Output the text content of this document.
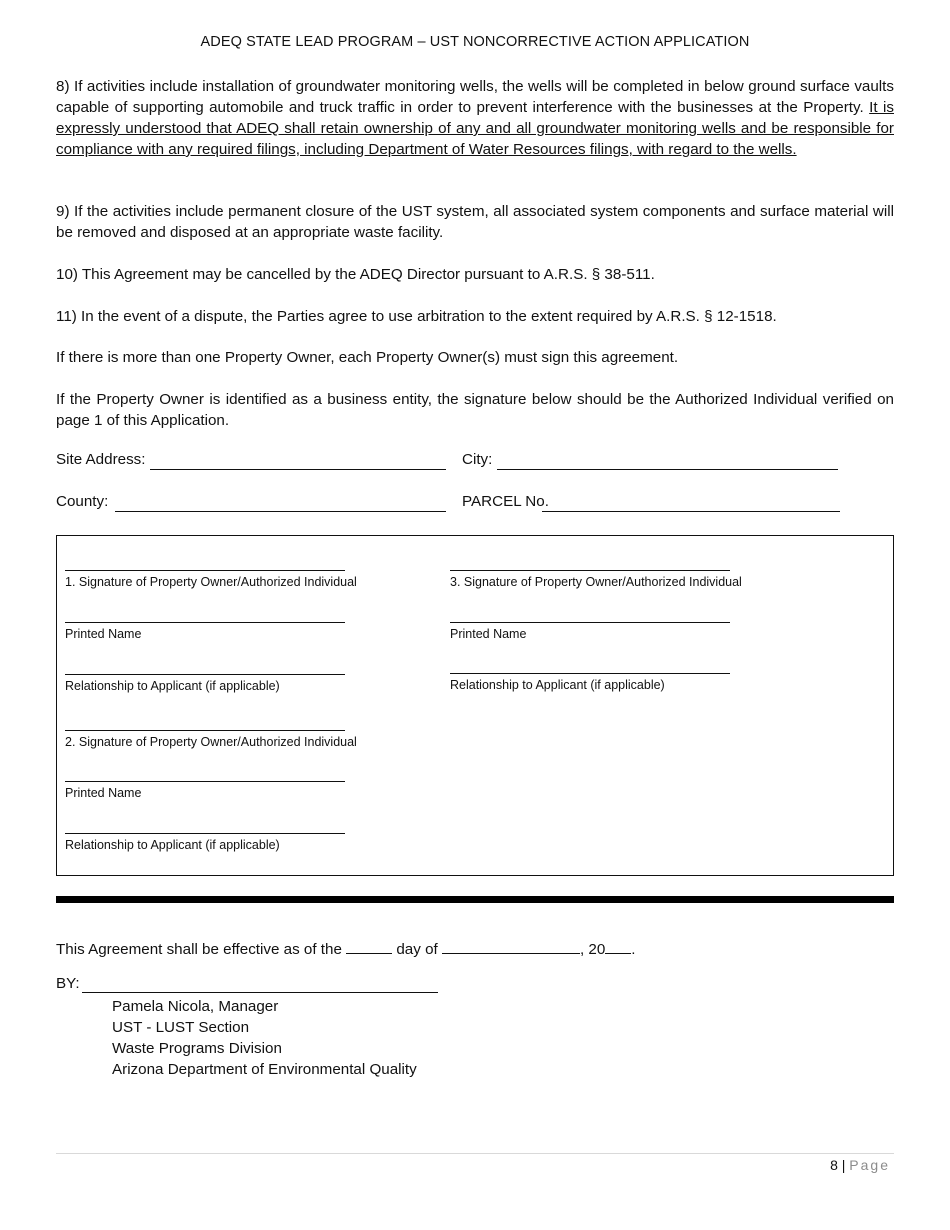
ADEQ STATE LEAD PROGRAM – UST NONCORRECTIVE ACTION APPLICATION

8) If activities include installation of groundwater monitoring wells, the wells will be completed in below ground surface vaults capable of supporting automobile and truck traffic in order to prevent interference with the businesses at the Property. It is expressly understood that ADEQ shall retain ownership of any and all groundwater monitoring wells and be responsible for compliance with any required filings, including Department of Water Resources filings, with regard to the wells.

9) If the activities include permanent closure of the UST system, all associated system components and surface material will be removed and disposed at an appropriate waste facility.

10) This Agreement may be cancelled by the ADEQ Director pursuant to A.R.S. § 38-511.

11) In the event of a dispute, the Parties agree to use arbitration to the extent required by A.R.S. § 12-1518.

If there is more than one Property Owner, each Property Owner(s) must sign this agreement.

If the Property Owner is identified as a business entity, the signature below should be the Authorized Individual verified on page 1 of this Application.

Site Address:	City:
County:	PARCEL No.
1. Signature of Property Owner/Authorized Individual
Printed Name
Relationship to Applicant (if applicable)
2. Signature of Property Owner/Authorized Individual
Printed Name
Relationship to Applicant (if applicable)
3. Signature of Property Owner/Authorized Individual
Printed Name
Relationship to Applicant (if applicable)
This Agreement shall be effective as of the	day of	, 20 .
BY:
Pamela Nicola, Manager
UST - LUST Section
Waste Programs Division
Arizona Department of Environmental Quality
8 | Page
